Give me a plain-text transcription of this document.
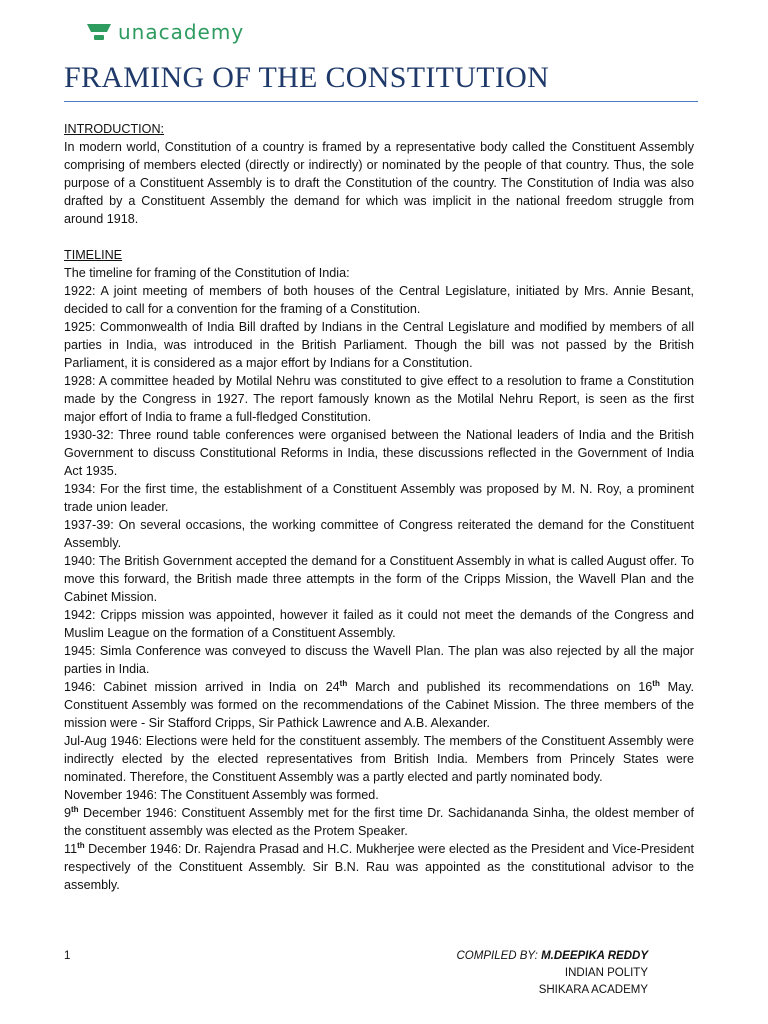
unacademy
FRAMING OF THE CONSTITUTION

INTRODUCTION:

In modern world, Constitution of a country is framed by a representative body called the Constituent Assembly comprising of members elected (directly or indirectly) or nominated by the people of that country. Thus, the sole purpose of a Constituent Assembly is to draft the Constitution of the country. The Constitution of India was also drafted by a Constituent Assembly the demand for which was implicit in the national freedom struggle from around 1918.

TIMELINE

The timeline for framing of the Constitution of India:

1922: A joint meeting of members of both houses of the Central Legislature, initiated by Mrs. Annie Besant, decided to call for a convention for the framing of a Constitution.

1925: Commonwealth of India Bill drafted by Indians in the Central Legislature and modified by members of all parties in India, was introduced in the British Parliament. Though the bill was not passed by the British Parliament, it is considered as a major effort by Indians for a Constitution.

1928: A committee headed by Motilal Nehru was constituted to give effect to a resolution to frame a Constitution made by the Congress in 1927. The report famously known as the Motilal Nehru Report, is seen as the first major effort of India to frame a full-fledged Constitution.

1930-32: Three round table conferences were organised between the National leaders of India and the British Government to discuss Constitutional Reforms in India, these discussions reflected in the Government of India Act 1935.

1934: For the first time, the establishment of a Constituent Assembly was proposed by M. N. Roy, a prominent trade union leader.

1937-39: On several occasions, the working committee of Congress reiterated the demand for the Constituent Assembly.

1940: The British Government accepted the demand for a Constituent Assembly in what is called August offer. To move this forward, the British made three attempts in the form of the Cripps Mission, the Wavell Plan and the Cabinet Mission.

1942: Cripps mission was appointed, however it failed as it could not meet the demands of the Congress and Muslim League on the formation of a Constituent Assembly.

1945: Simla Conference was conveyed to discuss the Wavell Plan. The plan was also rejected by all the major parties in India.

1946: Cabinet mission arrived in India on 24th March and published its recommendations on 16th May. Constituent Assembly was formed on the recommendations of the Cabinet Mission. The three members of the mission were - Sir Stafford Cripps, Sir Pathick Lawrence and A.B. Alexander.

Jul-Aug 1946: Elections were held for the constituent assembly. The members of the Constituent Assembly were indirectly elected by the elected representatives from British India. Members from Princely States were nominated. Therefore, the Constituent Assembly was a partly elected and partly nominated body.

November 1946: The Constituent Assembly was formed.

9th December 1946: Constituent Assembly met for the first time Dr. Sachidananda Sinha, the oldest member of the constituent assembly was elected as the Protem Speaker.

11th December 1946: Dr. Rajendra Prasad and H.C. Mukherjee were elected as the President and Vice-President respectively of the Constituent Assembly. Sir B.N. Rau was appointed as the constitutional advisor to the assembly.

1	COMPILED BY: M.DEEPIKA REDDY
INDIAN POLITY
SHIKARA ACADEMY
